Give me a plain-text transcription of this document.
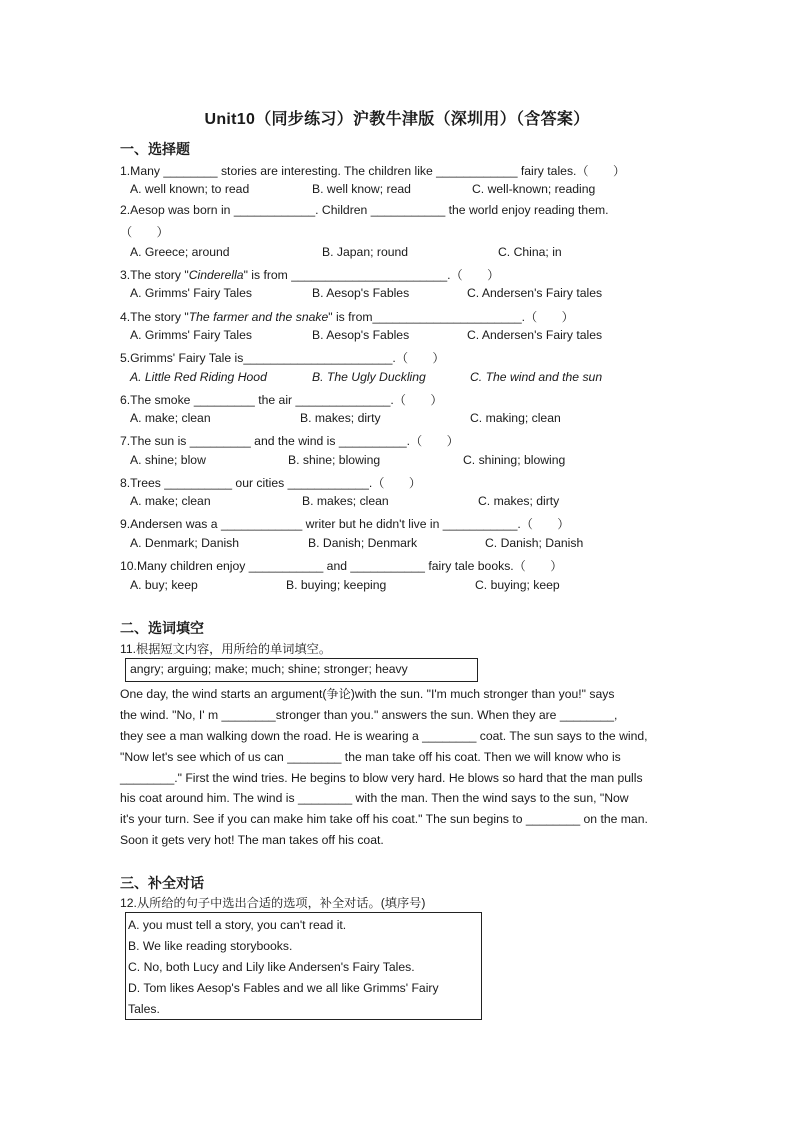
Unit10（同步练习）沪教牛津版（深圳用）（含答案）
一、选择题
1.Many ________ stories are interesting. The children like ____________ fairy tales.（　　）
A. well known; to read	B. well know; read	C. well-known; reading
2.Aesop was born in ____________. Children ___________ the world enjoy reading them.
（　　）
A. Greece; around	B. Japan; round	C. China; in
3.The story "Cinderella" is from _______________________.（　　）
A. Grimms' Fairy Tales	B. Aesop's Fables	C. Andersen's Fairy tales
4.The story "The farmer and the snake" is from______________________.（　　）
A. Grimms' Fairy Tales	B. Aesop's Fables	C. Andersen's Fairy tales
5.Grimms' Fairy Tale is______________________.（　　）
A. Little Red Riding Hood	B. The Ugly Duckling	C. The wind and the sun
6.The smoke _________ the air ______________.（　　）
A. make; clean	B. makes; dirty	C. making; clean
7.The sun is _________ and the wind is __________.（　　）
A. shine; blow	B. shine; blowing	C. shining; blowing
8.Trees __________ our cities ____________.（　　）
A. make; clean	B. makes; clean	C. makes; dirty
9.Andersen was a ____________ writer but he didn't live in ___________.（　　）
A. Denmark; Danish	B. Danish; Denmark	C. Danish; Danish
10.Many children enjoy ___________ and ___________ fairy tale books.（　　）
A. buy; keep	B. buying; keeping	C. buying; keep
二、选词填空
11.根据短文内容，用所给的单词填空。
angry; arguing; make; much; shine; stronger; heavy
One day, the wind starts an argument(争论)with the sun. "I'm much stronger than you!" says
the wind. "No, I' m ________stronger than you." answers the sun. When they are ________,
they see a man walking down the road. He is wearing a ________ coat. The sun says to the wind,
"Now let's see which of us can ________ the man take off his coat. Then we will know who is
________." First the wind tries. He begins to blow very hard. He blows so hard that the man pulls
his coat around him. The wind is ________ with the man. Then the wind says to the sun, "Now
it's your turn. See if you can make him take off his coat." The sun begins to ________ on the man.
Soon it gets very hot! The man takes off his coat.
三、补全对话
12.从所给的句子中选出合适的选项，补全对话。(填序号)
A. you must tell a story, you can't read it.
B. We like reading storybooks.
C. No, both Lucy and Lily like Andersen's Fairy Tales.
D. Tom likes Aesop's Fables and we all like Grimms' Fairy
Tales.
